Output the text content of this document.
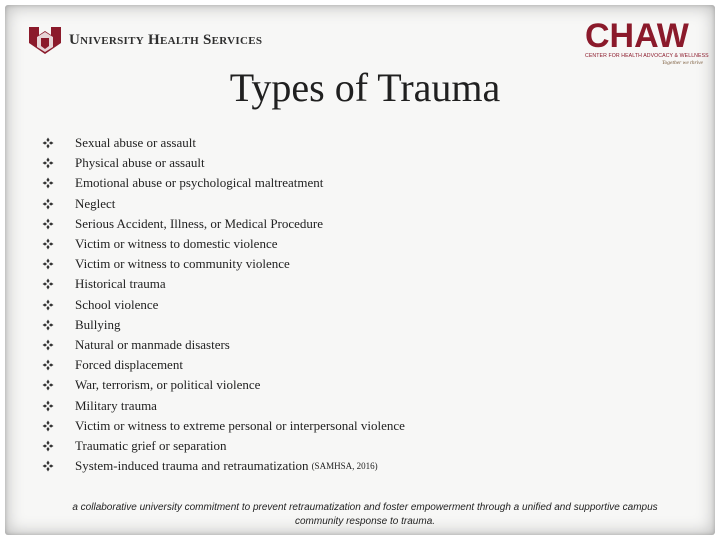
University Health Services	CHAW
CENTER FOR HEALTH ADVOCACY & WELLNESS
Together we thrive
Types of Trauma
Sexual abuse or assault
Physical abuse or assault
Emotional abuse or psychological maltreatment
Neglect
Serious Accident, Illness, or Medical Procedure
Victim or witness to domestic violence
Victim or witness to community violence
Historical trauma
School violence
Bullying
Natural or manmade disasters
Forced displacement
War, terrorism, or political violence
Military trauma
Victim or witness to extreme personal or interpersonal violence
Traumatic grief or separation
System-induced trauma and retraumatization (SAMHSA, 2016)
a collaborative university commitment to prevent retraumatization and foster empowerment through a unified and supportive campus community response to trauma.
